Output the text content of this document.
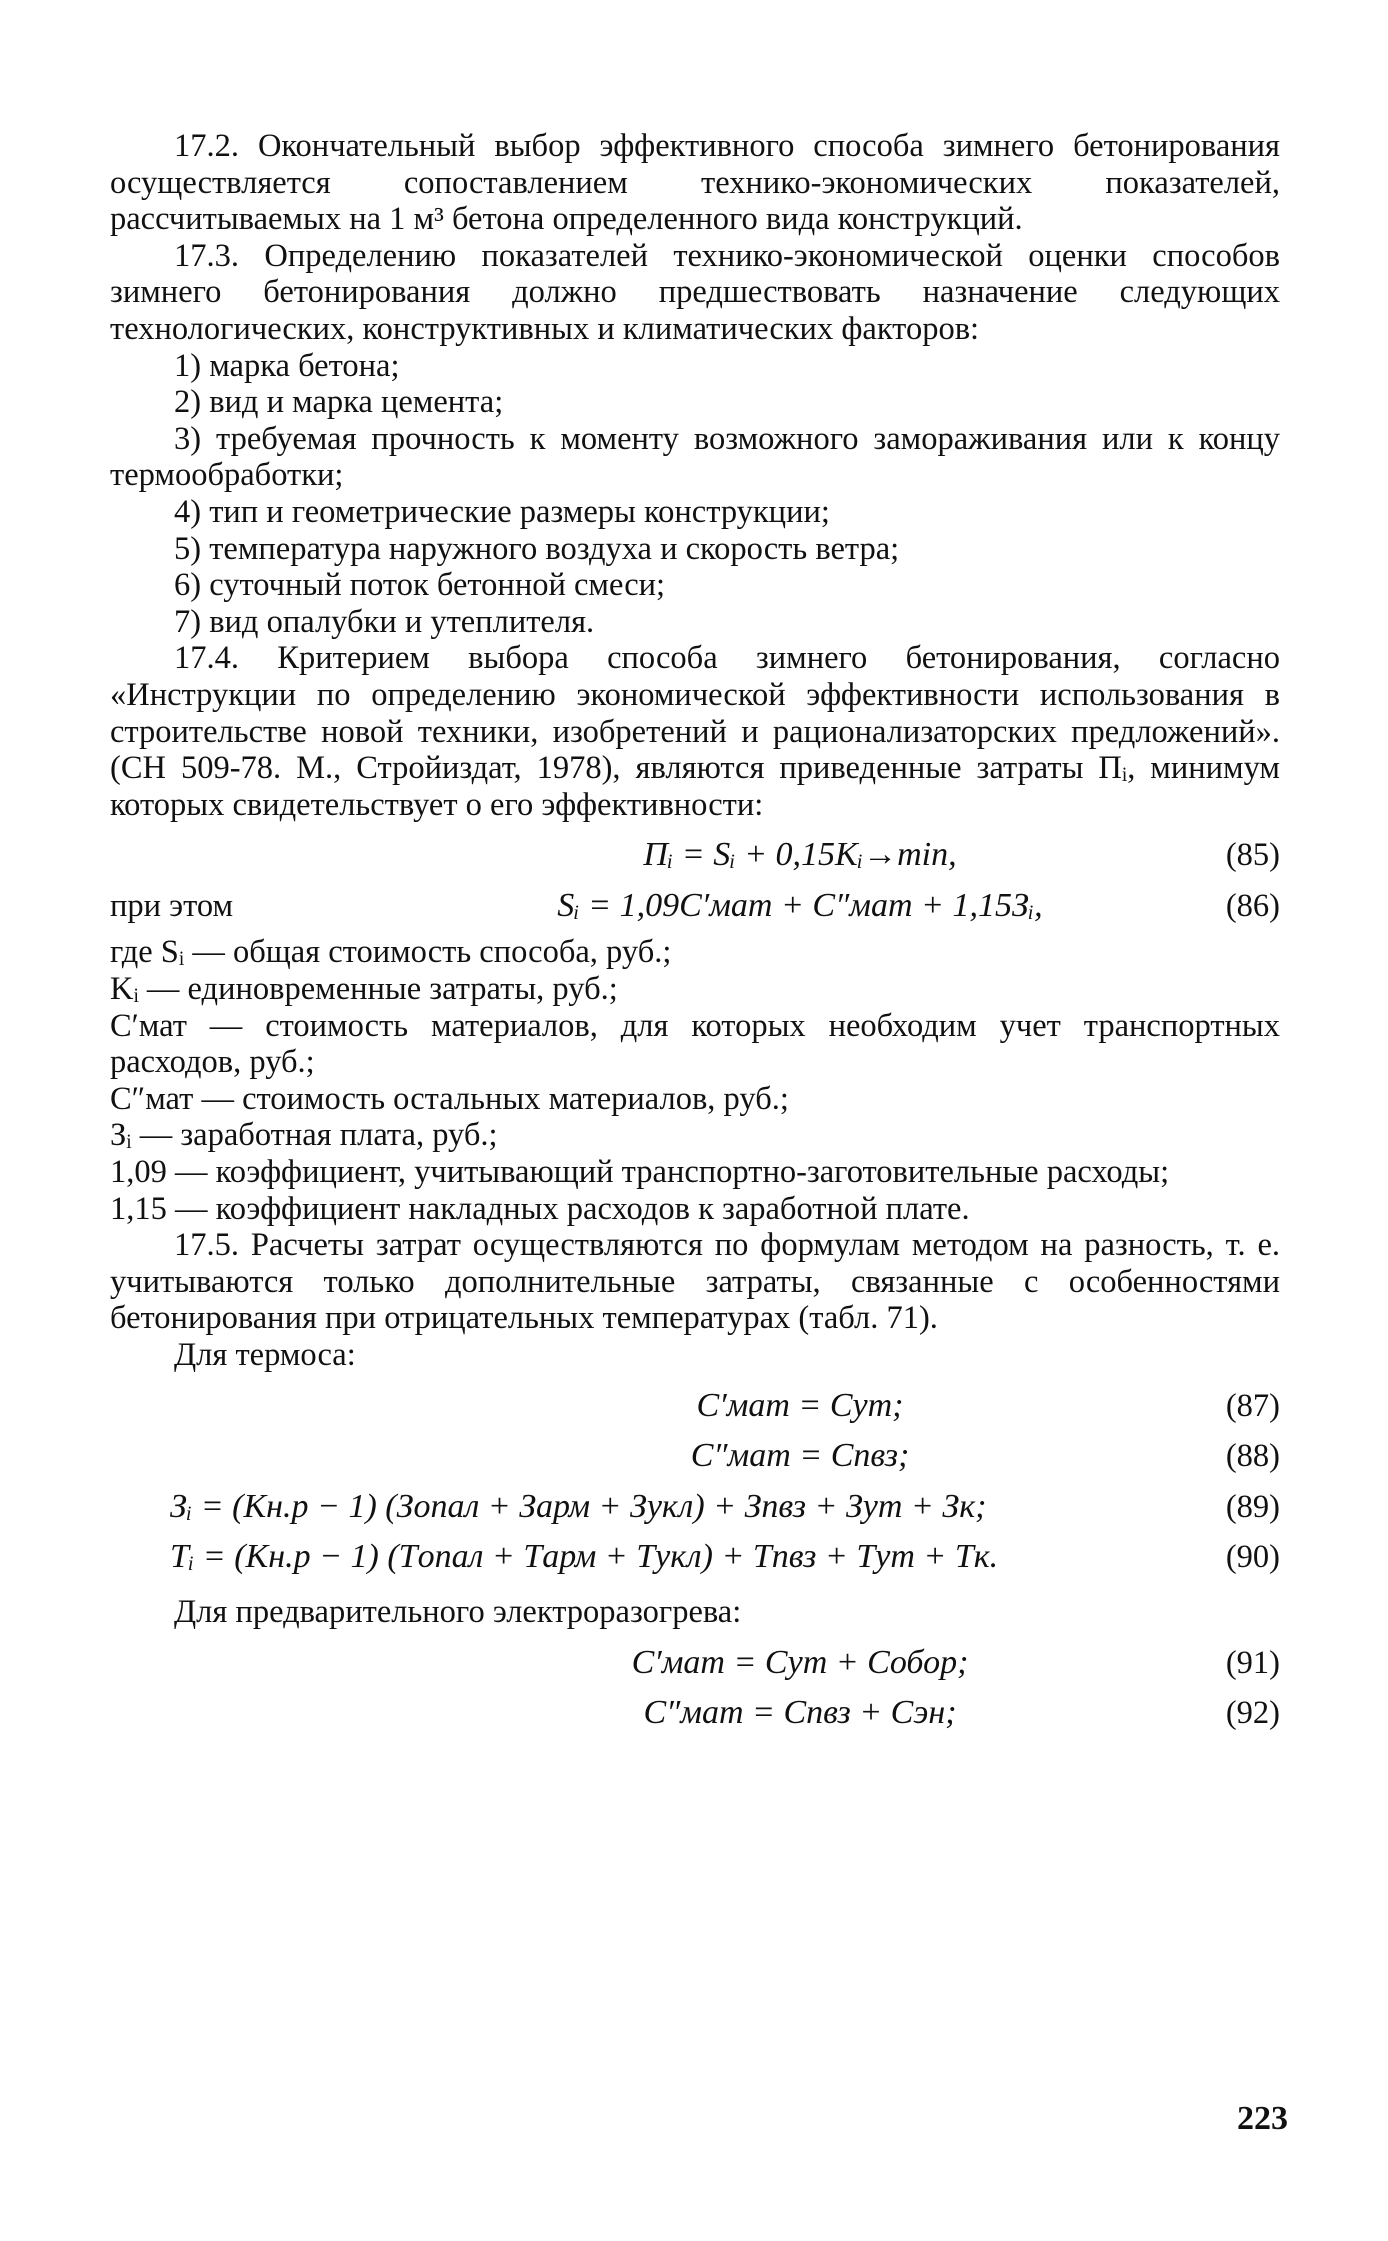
17.2. Окончательный выбор эффективного способа зимнего бетонирования осуществляется сопоставлением технико-экономических показателей, рассчитываемых на 1 м³ бетона определенного вида конструкций.

17.3. Определению показателей технико-экономической оценки способов зимнего бетонирования должно предшествовать назначение следующих технологических, конструктивных и климатических факторов:

1) марка бетона;

2) вид и марка цемента;

3) требуемая прочность к моменту возможного замораживания или к концу термообработки;

4) тип и геометрические размеры конструкции;

5) температура наружного воздуха и скорость ветра;

6) суточный поток бетонной смеси;

7) вид опалубки и утеплителя.

17.4. Критерием выбора способа зимнего бетонирования, согласно «Инструкции по определению экономической эффективности использования в строительстве новой техники, изобретений и рационализаторских предложений». (СН 509-78. М., Стройиздат, 1978), являются приведенные затраты Пᵢ, минимум которых свидетельствует о его эффективности:

Пᵢ = Sᵢ + 0,15Kᵢ→min,	(85)
при этом	Sᵢ = 1,09C′мат + C″мат + 1,15Зᵢ,	(86)

где Sᵢ — общая стоимость способа, руб.;

Kᵢ — единовременные затраты, руб.;

C′мат — стоимость материалов, для которых необходим учет транспортных расходов, руб.;

C″мат — стоимость остальных материалов, руб.;

Зᵢ — заработная плата, руб.;

1,09 — коэффициент, учитывающий транспортно-заготовительные расходы;

1,15 — коэффициент накладных расходов к заработной плате.

17.5. Расчеты затрат осуществляются по формулам методом на разность, т. е. учитываются только дополнительные затраты, связанные с особенностями бетонирования при отрицательных температурах (табл. 71).

Для термоса:

C′мат = Cут;	(87)
C″мат = Cпвз;	(88)
Зᵢ = (Kн.р − 1) (Зопал + Зарм + Зукл) + Зпвз + Зут + Зк;	(89)
Tᵢ = (Kн.р − 1) (Tопал + Tарм + Tукл) + Tпвз + Tут + Tк.	(90)

Для предварительного электроразогрева:

C′мат = Cут + Cобор;	(91)
C″мат = Cпвз + Cэн;	(92)
223
